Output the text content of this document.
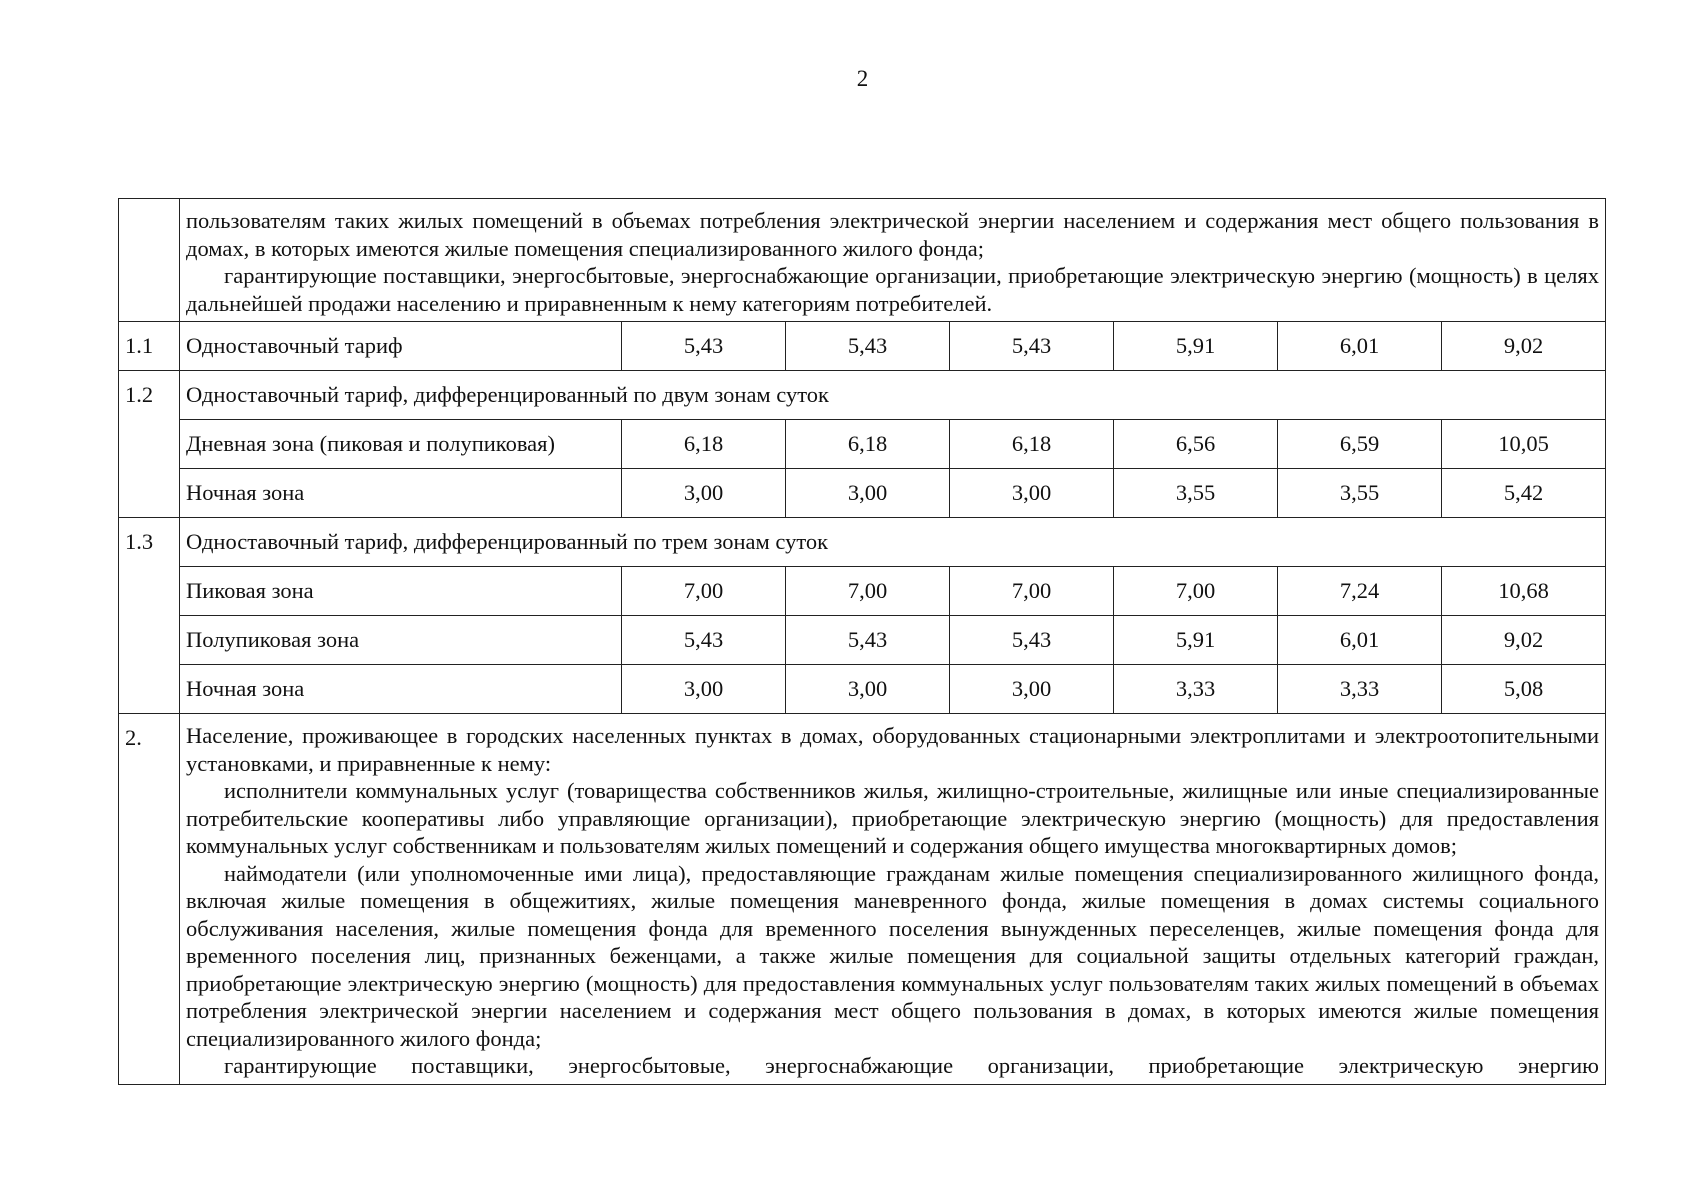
2

	пользователям таких жилых помещений в объемах потребления электрической энергии населением и содержания мест общего пользования в домах, в которых имеются жилые помещения специализированного жилого фонда;

гарантирующие поставщики, энергосбытовые, энергоснабжающие организации, приобретающие электрическую энергию (мощность) в целях дальнейшей продажи населению и приравненным к нему категориям потребителей.						

1.1	Одноставочный тариф	5,43	5,43	5,43	5,91	6,01	9,02
1.2	Одноставочный тариф, дифференцированный по двум зонам суток						
	Дневная зона (пиковая и полупиковая)	6,18	6,18	6,18	6,56	6,59	10,05
	Ночная зона	3,00	3,00	3,00	3,55	3,55	5,42
1.3	Одноставочный тариф, дифференцированный по трем зонам суток						
	Пиковая зона	7,00	7,00	7,00	7,00	7,24	10,68
	Полупиковая зона	5,43	5,43	5,43	5,91	6,01	9,02
	Ночная зона	3,00	3,00	3,00	3,33	3,33	5,08
2.	Население, проживающее в городских населенных пунктах в домах, оборудованных стационарными электроплитами и электроотопительными установками, и приравненные к нему:

исполнители коммунальных услуг (товарищества собственников жилья, жилищно-строительные, жилищные или иные специализированные потребительские кооперативы либо управляющие организации), приобретающие электрическую энергию (мощность) для предоставления коммунальных услуг собственникам и пользователям жилых помещений и содержания общего имущества многоквартирных домов;

наймодатели (или уполномоченные ими лица), предоставляющие гражданам жилые помещения специализированного жилищного фонда, включая жилые помещения в общежитиях, жилые помещения маневренного фонда, жилые помещения в домах системы социального обслуживания населения, жилые помещения фонда для временного поселения вынужденных переселенцев, жилые помещения фонда для временного поселения лиц, признанных беженцами, а также жилые помещения для социальной защиты отдельных категорий граждан, приобретающие электрическую энергию (мощность) для предоставления коммунальных услуг пользователям таких жилых помещений в объемах потребления электрической энергии населением и содержания мест общего пользования в домах, в которых имеются жилые помещения специализированного жилого фонда;

гарантирующие поставщики, энергосбытовые, энергоснабжающие организации, приобретающие электрическую энергию						
